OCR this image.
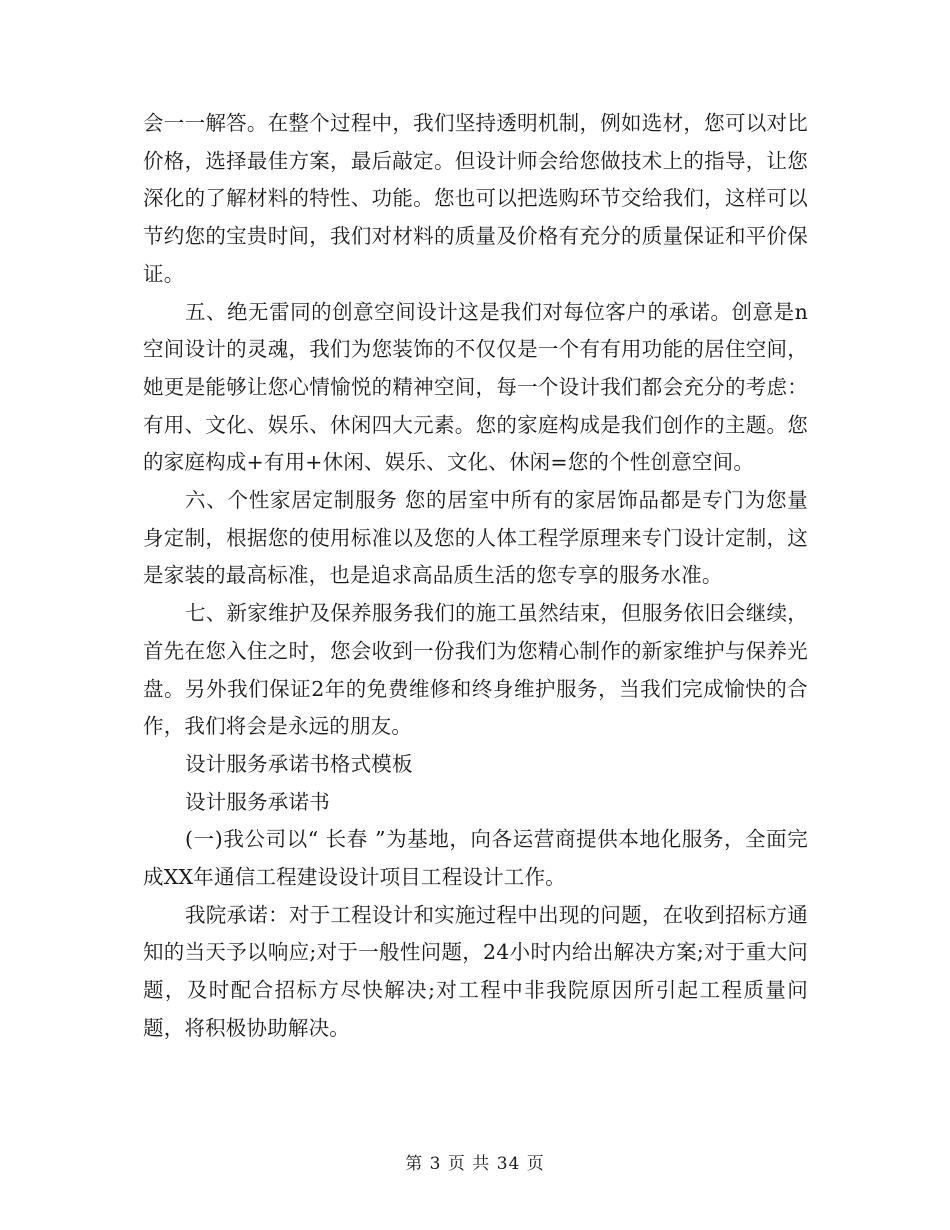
会一一解答。在整个过程中，我们坚持透明机制，例如选材，您可以对比价格，选择最佳方案，最后敲定。但设计师会给您做技术上的指导，让您深化的了解材料的特性、功能。您也可以把选购环节交给我们，这样可以节约您的宝贵时间，我们对材料的质量及价格有充分的质量保证和平价保证。

五、绝无雷同的创意空间设计这是我们对每位客户的承诺。创意是n空间设计的灵魂，我们为您装饰的不仅仅是一个有有用功能的居住空间，她更是能够让您心情愉悦的精神空间，每一个设计我们都会充分的考虑：有用、文化、娱乐、休闲四大元素。您的家庭构成是我们创作的主题。您的家庭构成+有用+休闲、娱乐、文化、休闲=您的个性创意空间。

六、个性家居定制服务 您的居室中所有的家居饰品都是专门为您量身定制，根据您的使用标准以及您的人体工程学原理来专门设计定制，这是家装的最高标准，也是追求高品质生活的您专享的服务水准。

七、新家维护及保养服务我们的施工虽然结束，但服务依旧会继续，首先在您入住之时，您会收到一份我们为您精心制作的新家维护与保养光盘。另外我们保证2年的免费维修和终身维护服务，当我们完成愉快的合作，我们将会是永远的朋友。

设计服务承诺书格式模板

设计服务承诺书

(一)我公司以“ 长春 ”为基地，向各运营商提供本地化服务，全面完成XX年通信工程建设设计项目工程设计工作。

我院承诺：对于工程设计和实施过程中出现的问题，在收到招标方通知的当天予以响应;对于一般性问题，24小时内给出解决方案;对于重大问题，及时配合招标方尽快解决;对工程中非我院原因所引起工程质量问题，将积极协助解决。

第 3 页 共 34 页
